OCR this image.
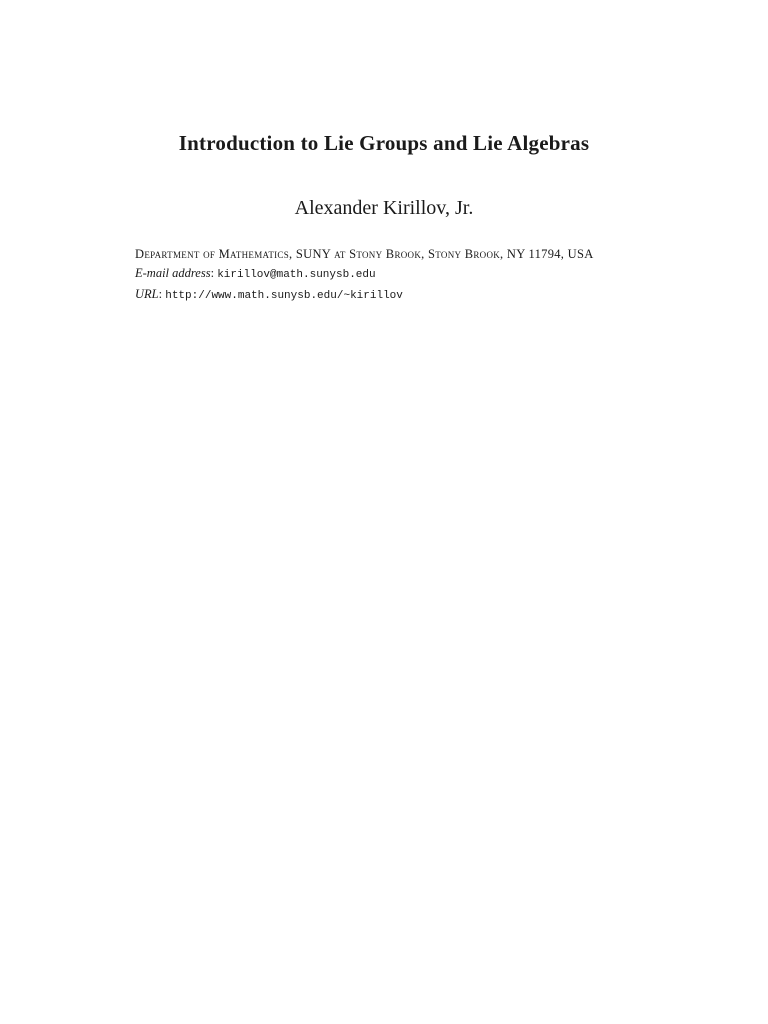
Introduction to Lie Groups and Lie Algebras

Alexander Kirillov, Jr.

Department of Mathematics, SUNY at Stony Brook, Stony Brook, NY 11794, USA

E-mail address: kirillov@math.sunysb.edu

URL: http://www.math.sunysb.edu/~kirillov
